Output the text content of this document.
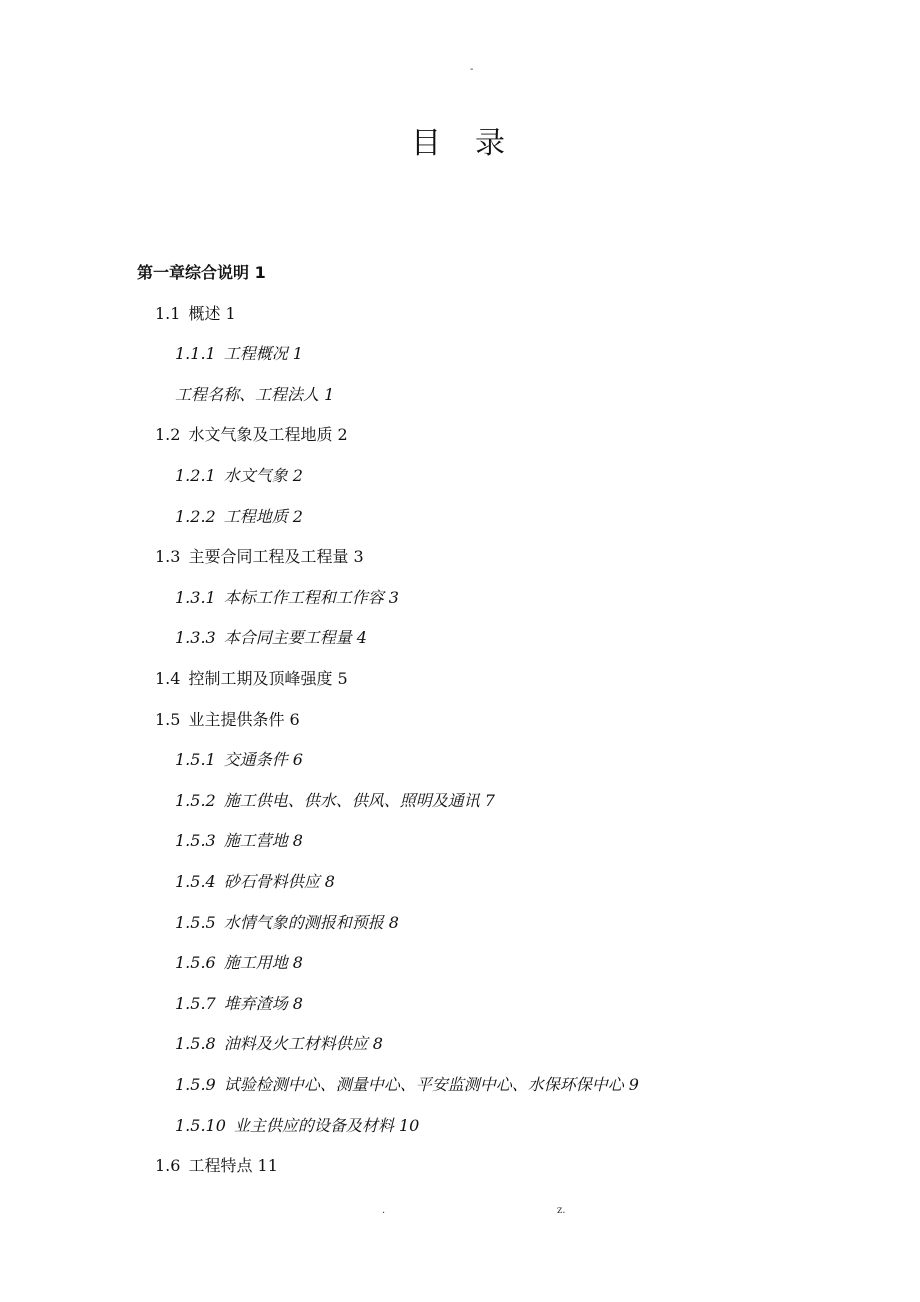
-
目录
第一章综合说明 1
1.1 概述 1
1.1.1 工程概况 1
工程名称、工程法人 1
1.2 水文气象及工程地质 2
1.2.1 水文气象 2
1.2.2 工程地质 2
1.3 主要合同工程及工程量 3
1.3.1 本标工作工程和工作容 3
1.3.3 本合同主要工程量 4
1.4 控制工期及顶峰强度 5
1.5 业主提供条件 6
1.5.1 交通条件 6
1.5.2 施工供电、供水、供风、照明及通讯 7
1.5.3 施工营地 8
1.5.4 砂石骨料供应 8
1.5.5 水情气象的测报和预报 8
1.5.6 施工用地 8
1.5.7 堆弃渣场 8
1.5.8 油料及火工材料供应 8
1.5.9 试验检测中心、测量中心、平安监测中心、水保环保中心 9
1.5.10 业主供应的设备及材料 10
1.6 工程特点 11
.	z.
